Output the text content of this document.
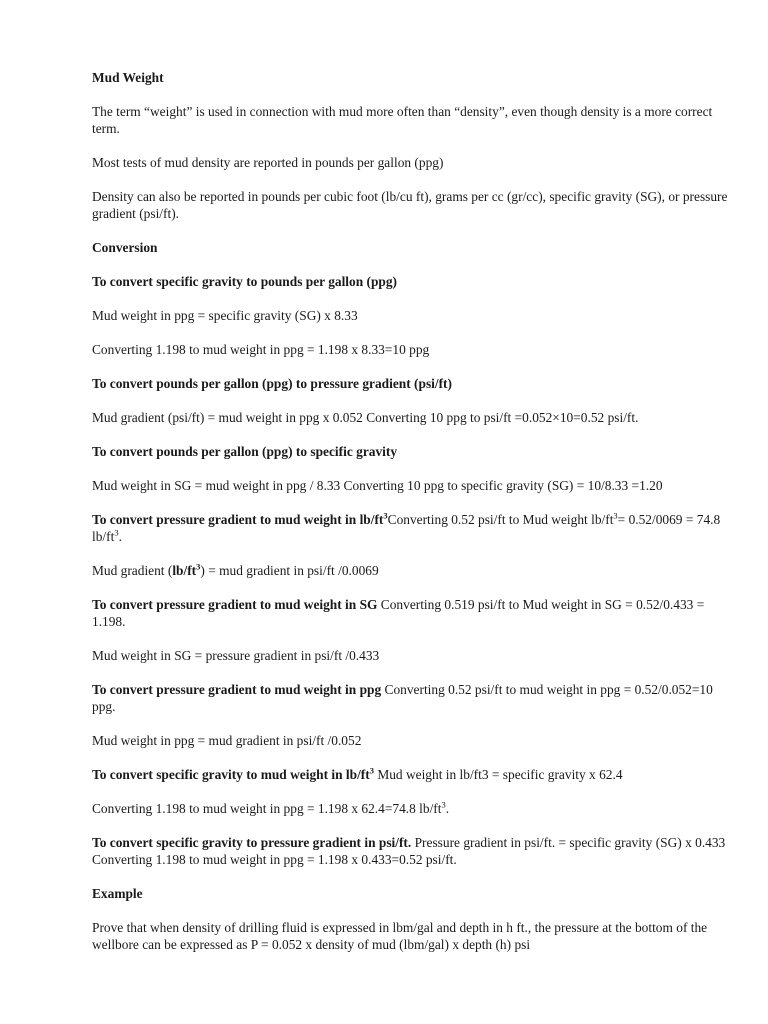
Mud Weight
The term “weight” is used in connection with mud more often than “density”, even though density is a more correct term.
Most tests of mud density are reported in pounds per gallon (ppg)
Density can also be reported in pounds per cubic foot (lb/cu ft), grams per cc (gr/cc), specific gravity (SG), or pressure gradient (psi/ft).
Conversion
To convert specific gravity to pounds per gallon (ppg)
Mud weight in ppg = specific gravity (SG) x 8.33
Converting 1.198 to mud weight in ppg = 1.198 x 8.33=10 ppg
To convert pounds per gallon (ppg) to pressure gradient (psi/ft)
Mud gradient (psi/ft) = mud weight in ppg x 0.052 Converting 10 ppg to psi/ft =0.052×10=0.52 psi/ft.
To convert pounds per gallon (ppg) to specific gravity
Mud weight in SG = mud weight in ppg / 8.33 Converting 10 ppg to specific gravity (SG) = 10/8.33 =1.20
To convert pressure gradient to mud weight in $lb/ft^3Converting$ 0.52 psi/ft to Mud weight $lb/ft^3= 0.52/0069 = 74.8$ $lb/ft^3$.
Mud gradient $(lb/ft^3)$ = mud gradient in psi/ft /0.0069
To convert pressure gradient to mud weight in SG Converting 0.519 psi/ft to Mud weight in SG = 0.52/0.433 = 1.198.
Mud weight in SG = pressure gradient in psi/ft /0.433
To convert pressure gradient to mud weight in ppg Converting 0.52 psi/ft to mud weight in ppg = 0.52/0.052=10 ppg.
Mud weight in ppg = mud gradient in psi/ft /0.052
To convert specific gravity to mud weight in $lb/ft^3$ Mud weight in lb/ft3 = specific gravity x 62.4
Converting 1.198 to mud weight in ppg = 1.198 x 62.4=74.8 $lb/ft^3$.
To convert specific gravity to pressure gradient in psi/ft. Pressure gradient in psi/ft. = specific gravity (SG) x 0.433 Converting 1.198 to mud weight in ppg = 1.198 x 0.433=0.52 psi/ft.
Example
Prove that when density of drilling fluid is expressed in lbm/gal and depth in h ft., the pressure at the bottom of the wellbore can be expressed as P = 0.052 x density of mud (lbm/gal) x depth (h) psi
